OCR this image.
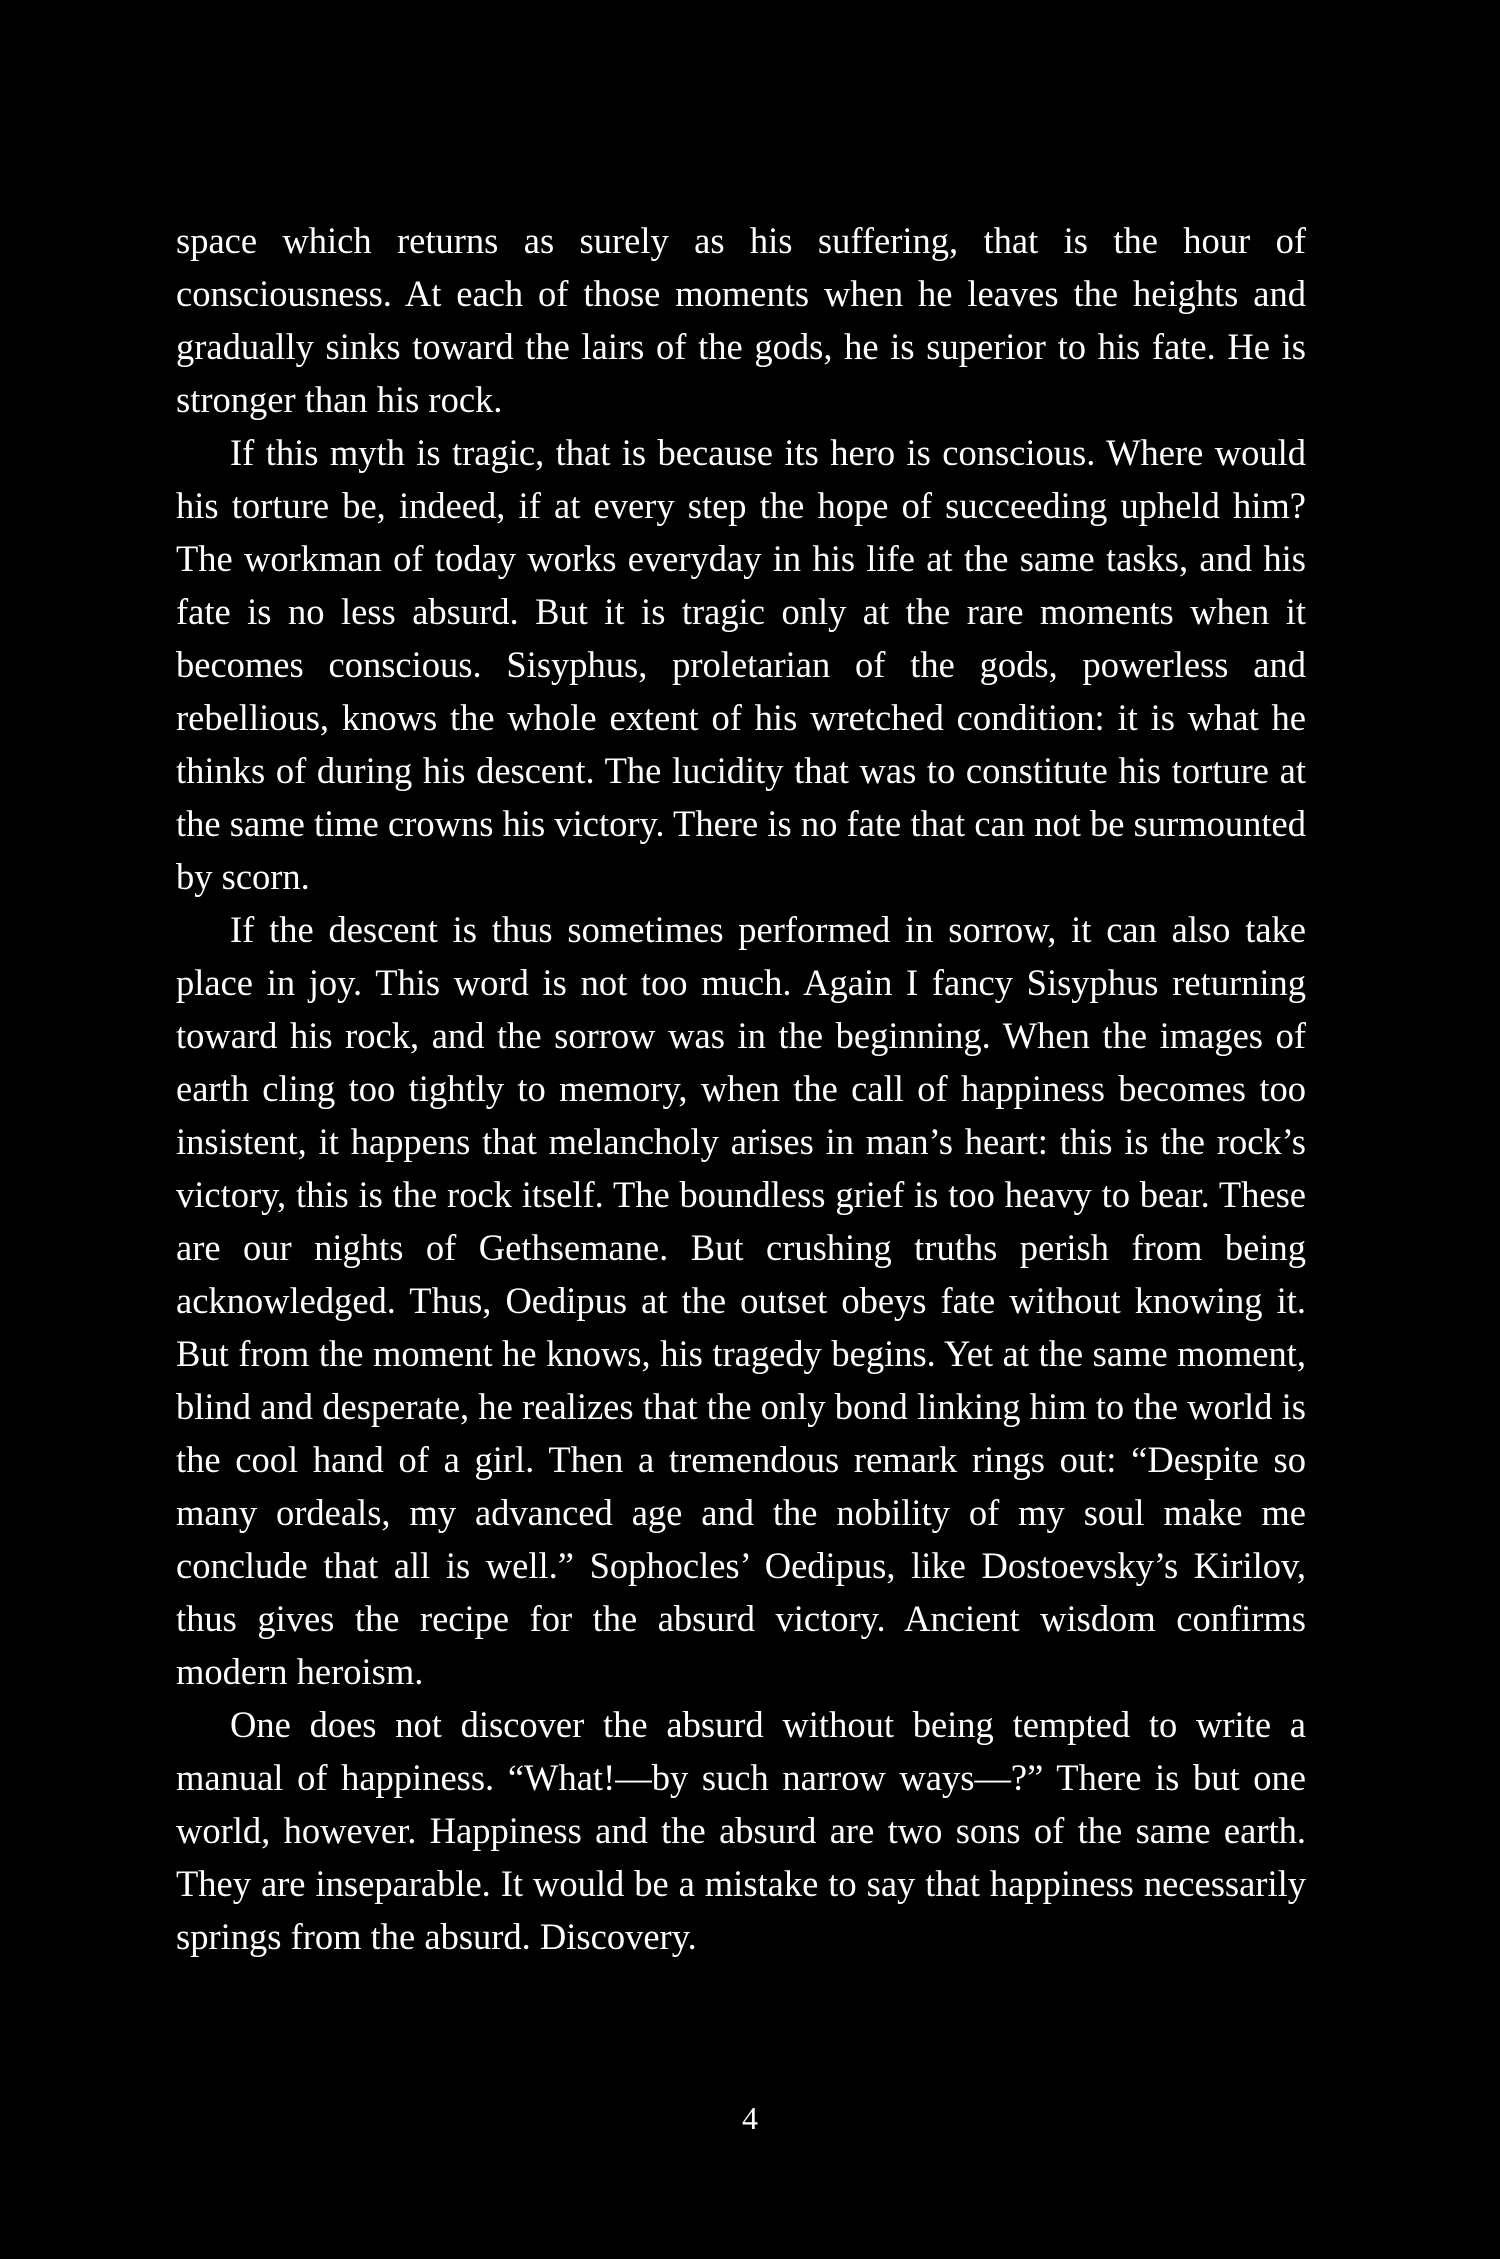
space which returns as surely as his suffering, that is the hour of consciousness. At each of those moments when he leaves the heights and gradually sinks toward the lairs of the gods, he is superior to his fate. He is stronger than his rock.

If this myth is tragic, that is because its hero is conscious. Where would his torture be, indeed, if at every step the hope of succeeding upheld him? The workman of today works everyday in his life at the same tasks, and his fate is no less absurd. But it is tragic only at the rare moments when it becomes conscious. Sisyphus, proletarian of the gods, powerless and rebellious, knows the whole extent of his wretched condition: it is what he thinks of during his descent. The lucidity that was to constitute his torture at the same time crowns his victory. There is no fate that can not be surmounted by scorn.

If the descent is thus sometimes performed in sorrow, it can also take place in joy. This word is not too much. Again I fancy Sisyphus returning toward his rock, and the sorrow was in the beginning. When the images of earth cling too tightly to memory, when the call of happiness becomes too insistent, it happens that melancholy arises in man’s heart: this is the rock’s victory, this is the rock itself. The boundless grief is too heavy to bear. These are our nights of Gethsemane. But crushing truths perish from being acknowledged. Thus, Oedipus at the outset obeys fate without knowing it. But from the moment he knows, his tragedy begins. Yet at the same moment, blind and desperate, he realizes that the only bond linking him to the world is the cool hand of a girl. Then a tremendous remark rings out: “Despite so many ordeals, my advanced age and the nobility of my soul make me conclude that all is well.” Sophocles’ Oedipus, like Dostoevsky’s Kirilov, thus gives the recipe for the absurd victory. Ancient wisdom confirms modern heroism.

One does not discover the absurd without being tempted to write a manual of happiness. “What!—by such narrow ways—?” There is but one world, however. Happiness and the absurd are two sons of the same earth. They are inseparable. It would be a mistake to say that happiness necessarily springs from the absurd. Discovery.

4
